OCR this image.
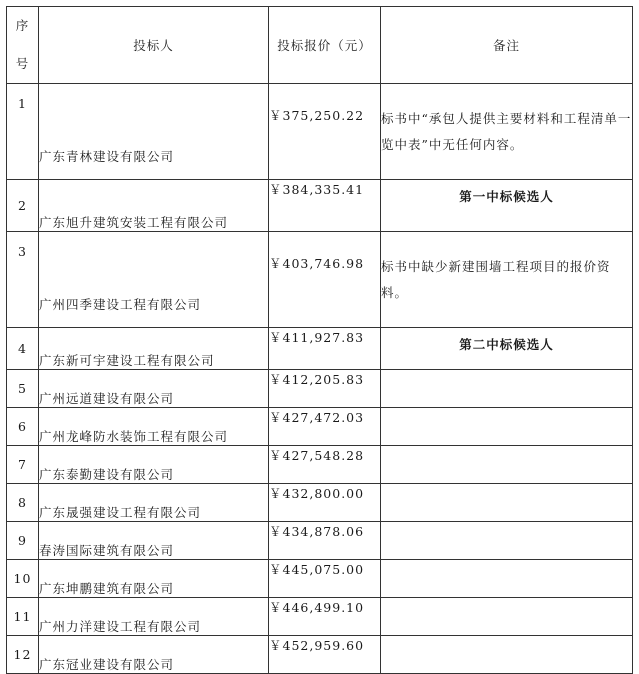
序号	投标人	投标报价（元）	备注
1	广东青林建设有限公司	￥375,250.22	标书中“承包人提供主要材料和工程清单一览中表”中无任何内容。
2	广东旭升建筑安装工程有限公司	￥384,335.41	第一中标候选人
3	广州四季建设工程有限公司	￥403,746.98	标书中缺少新建围墙工程项目的报价资料。
4	广东新可宇建设工程有限公司	￥411,927.83	第二中标候选人
5	广州远道建设有限公司	￥412,205.83	
6	广州龙峰防水装饰工程有限公司	￥427,472.03	
7	广东泰勤建设有限公司	￥427,548.28	
8	广东晟强建设工程有限公司	￥432,800.00	
9	春涛国际建筑有限公司	￥434,878.06	
10	广东坤鹏建筑有限公司	￥445,075.00	
11	广州力洋建设工程有限公司	￥446,499.10	
12	广东冠业建设有限公司	￥452,959.60	
